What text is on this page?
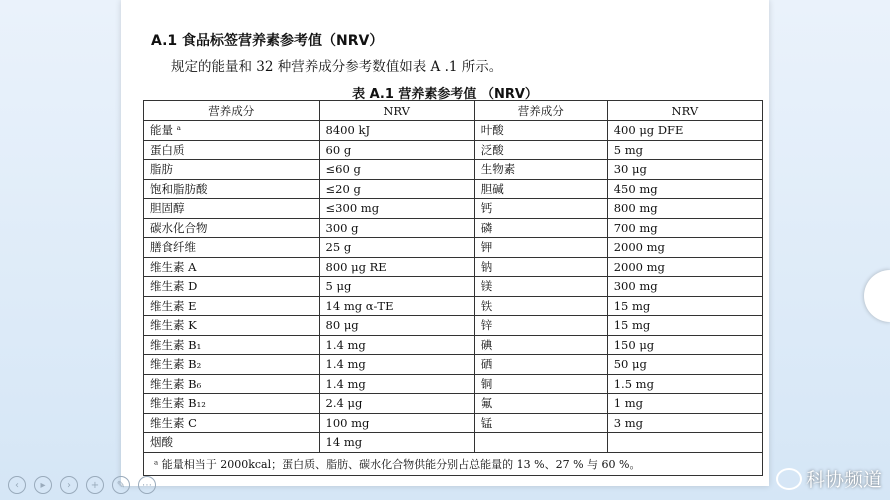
A.1 食品标签营养素参考值（NRV）
规定的能量和 32 种营养成分参考数值如表 A .1 所示。
表 A.1 营养素参考值 （NRV）
营养成分	NRV	营养成分	NRV
能量 ᵃ	8400 kJ	叶酸	400 μg DFE
蛋白质	60 g	泛酸	5 mg
脂肪	≤60 g	生物素	30 μg
饱和脂肪酸	≤20 g	胆碱	450 mg
胆固醇	≤300 mg	钙	800 mg
碳水化合物	300 g	磷	700 mg
膳食纤维	25 g	钾	2000 mg
维生素 A	800 μg RE	钠	2000 mg
维生素 D	5 μg	镁	300 mg
维生素 E	14 mg α-TE	铁	15 mg
维生素 K	80 μg	锌	15 mg
维生素 B₁	1.4 mg	碘	150 μg
维生素 B₂	1.4 mg	硒	50 μg
维生素 B₆	1.4 mg	铜	1.5 mg
维生素 B₁₂	2.4 μg	氟	1 mg
维生素 C	100 mg	锰	3 mg
烟酸	14 mg		
ᵃ 能量相当于 2000kcal；蛋白质、脂肪、碳水化合物供能分别占总能量的 13 %、27 % 与 60 %。			
‹	▸	›	+	✎	⋯	科协频道
